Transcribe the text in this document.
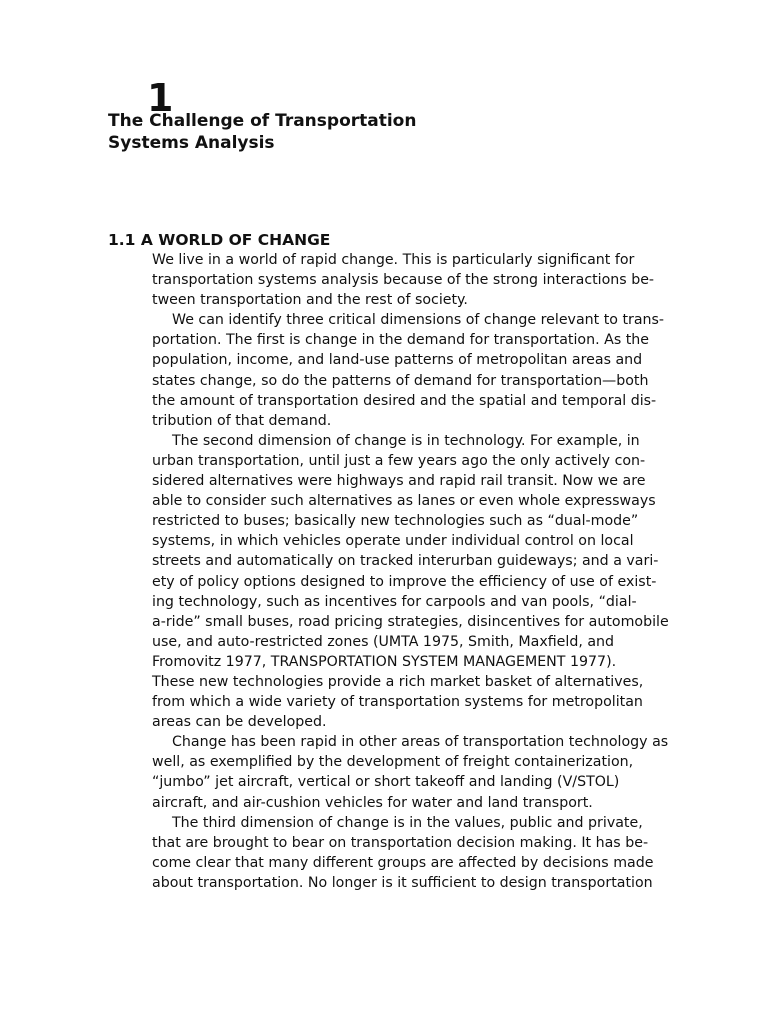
1
The Challenge of Transportation
Systems Analysis
1.1 A WORLD OF CHANGE
We live in a world of rapid change. This is particularly significant for
transportation systems analysis because of the strong interactions be-
tween transportation and the rest of society.
We can identify three critical dimensions of change relevant to trans-
portation. The first is change in the demand for transportation. As the
population, income, and land-use patterns of metropolitan areas and
states change, so do the patterns of demand for transportation—both
the amount of transportation desired and the spatial and temporal dis-
tribution of that demand.
The second dimension of change is in technology. For example, in
urban transportation, until just a few years ago the only actively con-
sidered alternatives were highways and rapid rail transit. Now we are
able to consider such alternatives as lanes or even whole expressways
restricted to buses; basically new technologies such as “dual-mode”
systems, in which vehicles operate under individual control on local
streets and automatically on tracked interurban guideways; and a vari-
ety of policy options designed to improve the efficiency of use of exist-
ing technology, such as incentives for carpools and van pools, “dial-
a-ride” small buses, road pricing strategies, disincentives for automobile
use, and auto-restricted zones (UMTA 1975, Smith, Maxfield, and
Fromovitz 1977, TRANSPORTATION SYSTEM MANAGEMENT 1977).
These new technologies provide a rich market basket of alternatives,
from which a wide variety of transportation systems for metropolitan
areas can be developed.
Change has been rapid in other areas of transportation technology as
well, as exemplified by the development of freight containerization,
“jumbo” jet aircraft, vertical or short takeoff and landing (V/STOL)
aircraft, and air-cushion vehicles for water and land transport.
The third dimension of change is in the values, public and private,
that are brought to bear on transportation decision making. It has be-
come clear that many different groups are affected by decisions made
about transportation. No longer is it sufficient to design transportation
